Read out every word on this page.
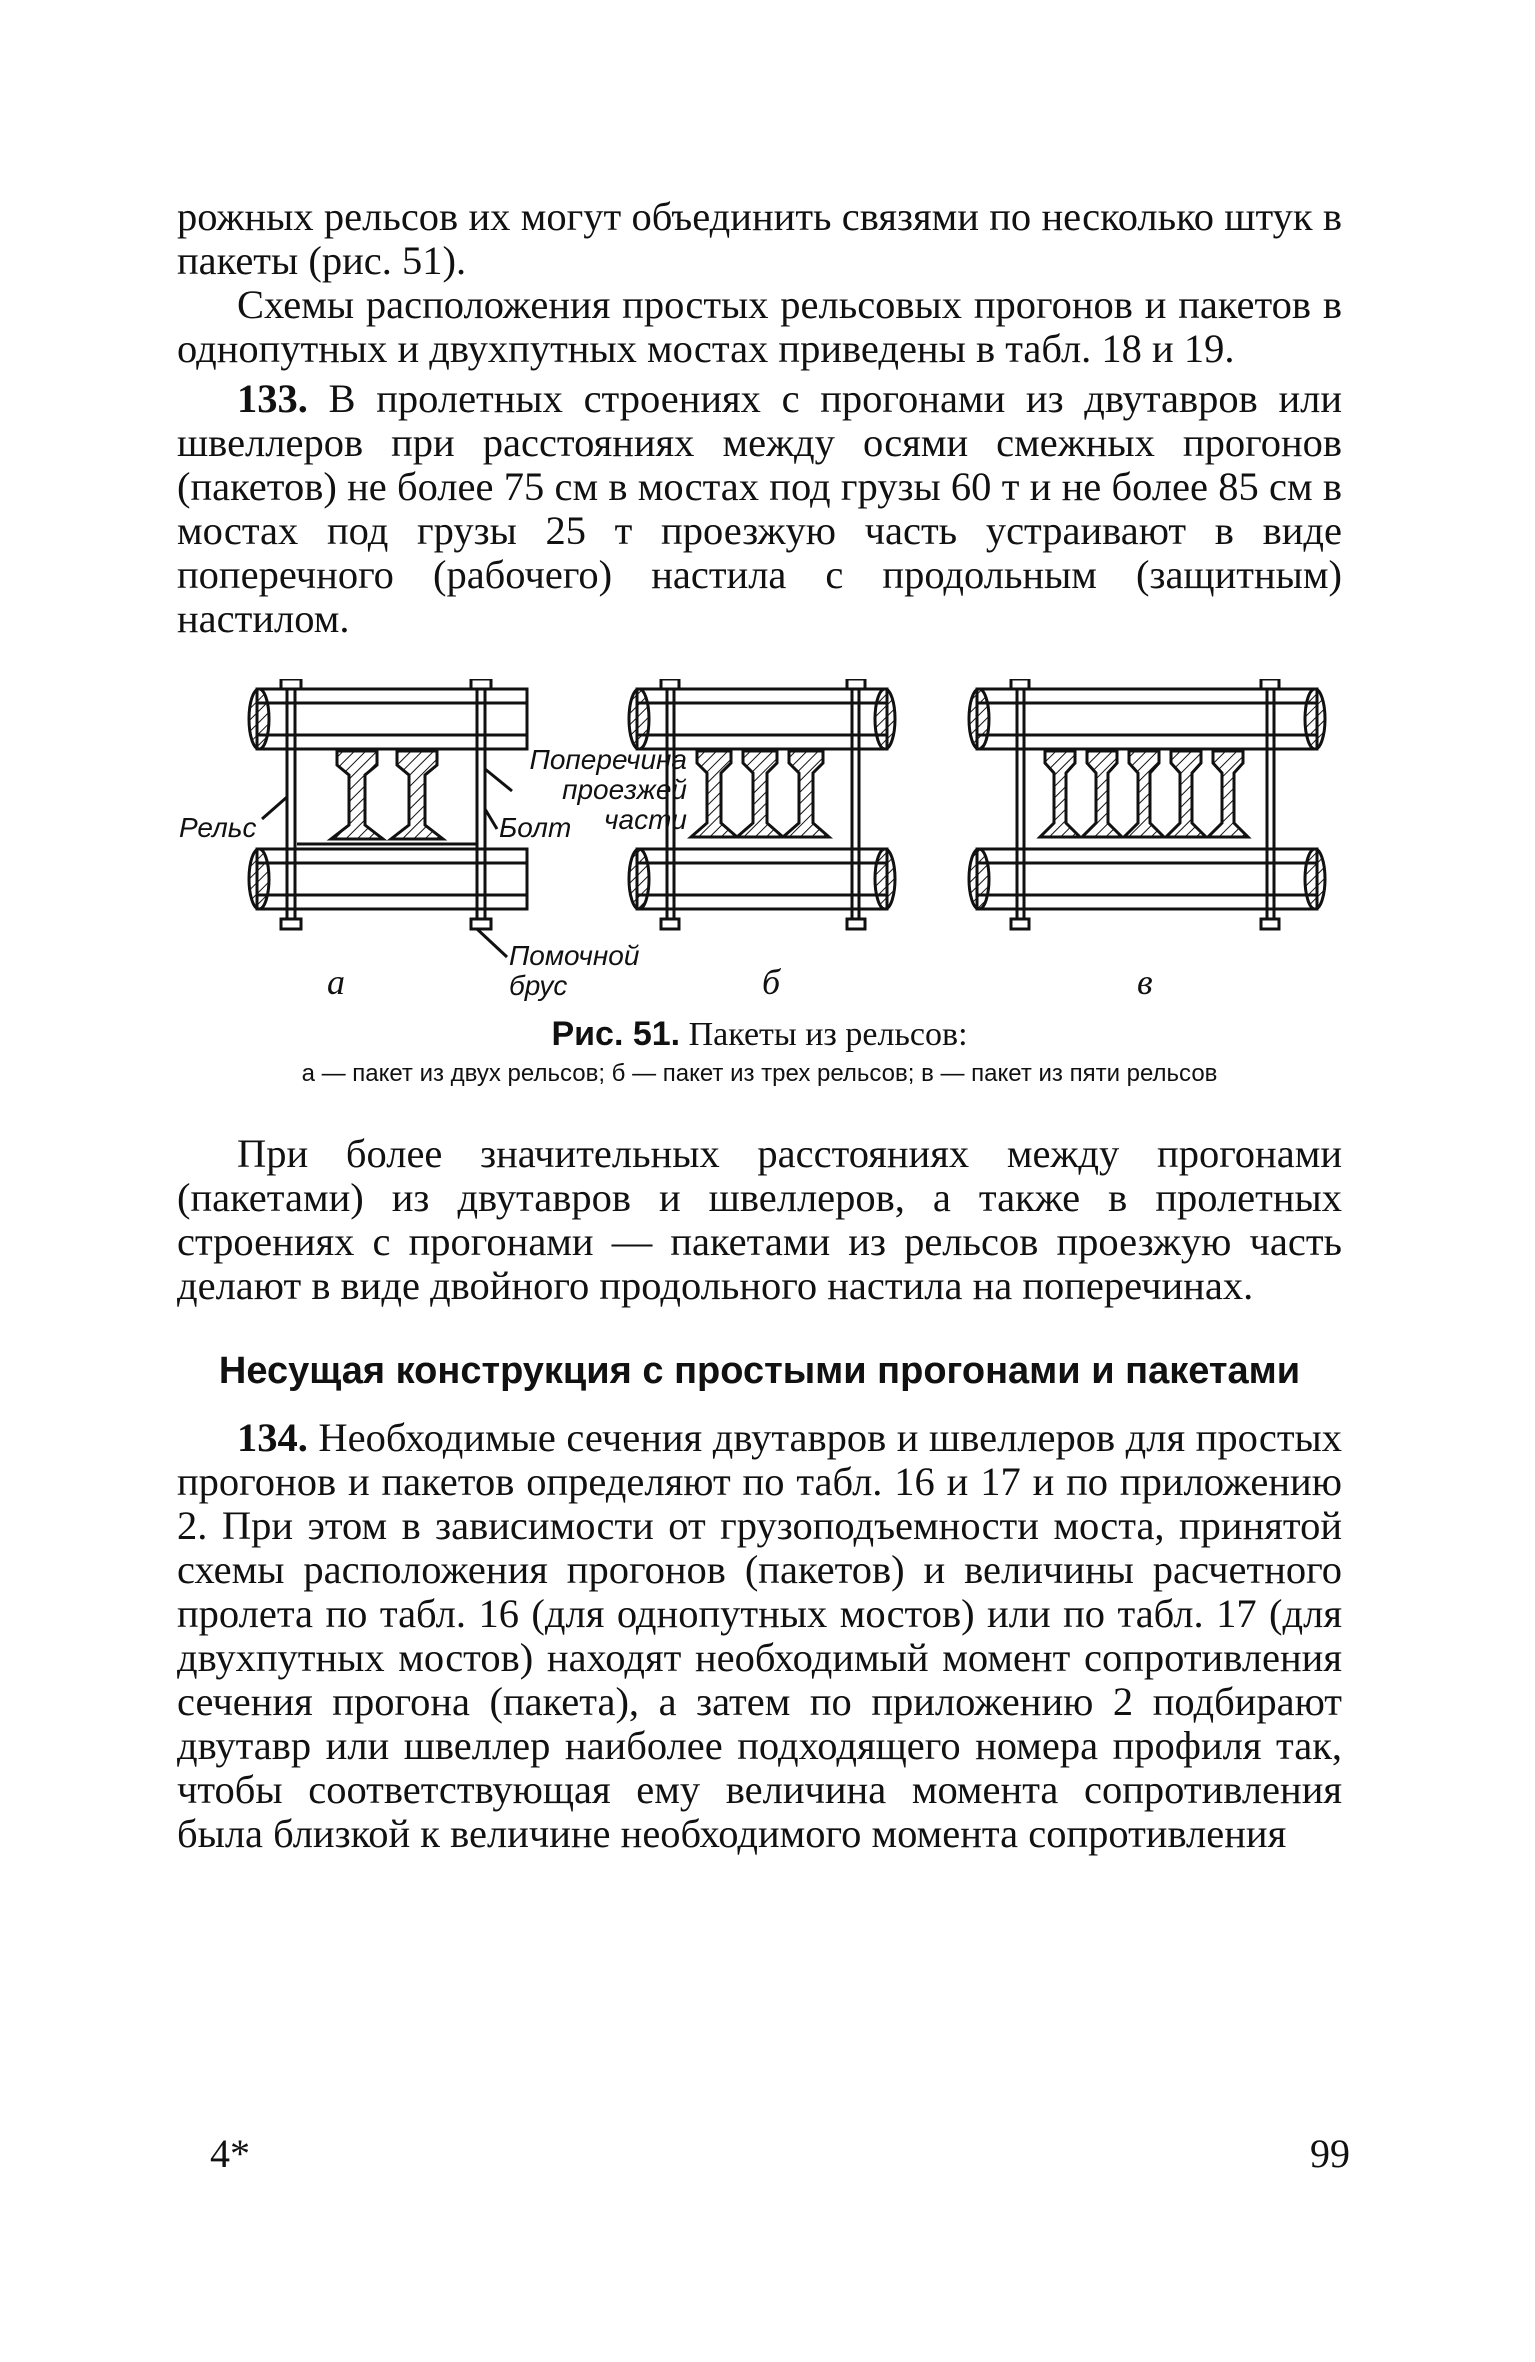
рожных рельсов их могут объединить связями по несколько штук в пакеты (рис. 51).

Схемы расположения простых рельсовых прогонов и пакетов в однопутных и двухпутных мостах приведены в табл. 18 и 19.

133. В пролетных строениях с прогонами из двутавров или швеллеров при расстояниях между осями смежных прогонов (пакетов) не более 75 см в мостах под грузы 60 т и не более 85 см в мостах под грузы 25 т проезжую часть устраивают в виде поперечного (рабочего) настила с продольным (защитным) настилом.

Рельс
Поперечина проезжей части
Болт
Помочной брус
а	б	в
Рис. 51. Пакеты из рельсов:

а — пакет из двух рельсов; б — пакет из трех рельсов; в — пакет из пяти рельсов

При более значительных расстояниях между прогонами (пакетами) из двутавров и швеллеров, а также в пролетных строениях с прогонами — пакетами из рельсов проезжую часть делают в виде двойного продольного настила на поперечинах.

Несущая конструкция с простыми прогонами и пакетами

134. Необходимые сечения двутавров и швеллеров для простых прогонов и пакетов определяют по табл. 16 и 17 и по приложению 2. При этом в зависимости от грузоподъемности моста, принятой схемы расположения прогонов (пакетов) и величины расчетного пролета по табл. 16 (для однопутных мостов) или по табл. 17 (для двухпутных мостов) находят необходимый момент сопротивления сечения прогона (пакета), а затем по приложению 2 подбирают двутавр или швеллер наиболее подходящего номера профиля так, чтобы соответствующая ему величина момента сопротивления была близкой к величине необходимого момента сопротивления

4*	99
